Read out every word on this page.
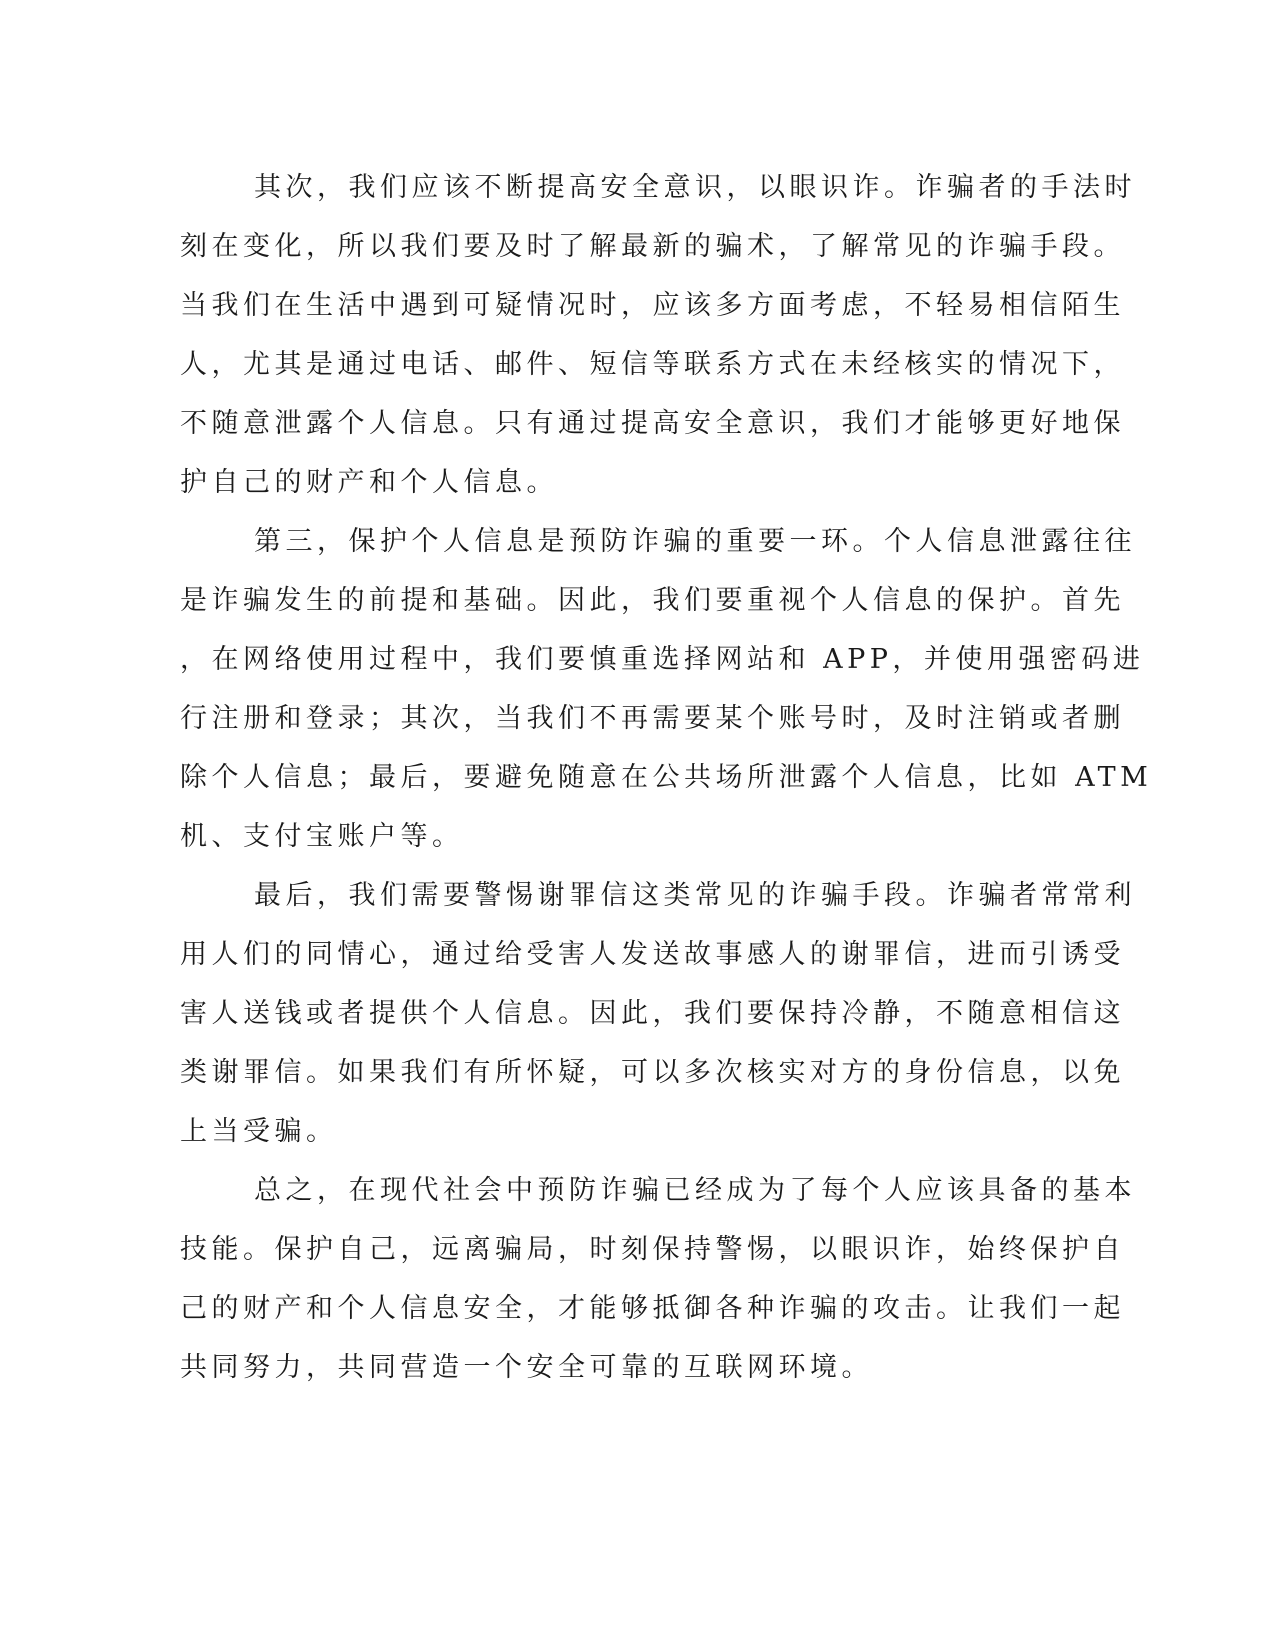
其次，我们应该不断提高安全意识，以眼识诈。诈骗者的手法时

刻在变化，所以我们要及时了解最新的骗术，了解常见的诈骗手段。

当我们在生活中遇到可疑情况时，应该多方面考虑，不轻易相信陌生

人，尤其是通过电话、邮件、短信等联系方式在未经核实的情况下，

不随意泄露个人信息。只有通过提高安全意识，我们才能够更好地保

护自己的财产和个人信息。

第三，保护个人信息是预防诈骗的重要一环。个人信息泄露往往

是诈骗发生的前提和基础。因此，我们要重视个人信息的保护。首先

，在网络使用过程中，我们要慎重选择网站和 APP，并使用强密码进

行注册和登录；其次，当我们不再需要某个账号时，及时注销或者删

除个人信息；最后，要避免随意在公共场所泄露个人信息，比如 ATM

机、支付宝账户等。

最后，我们需要警惕谢罪信这类常见的诈骗手段。诈骗者常常利

用人们的同情心，通过给受害人发送故事感人的谢罪信，进而引诱受

害人送钱或者提供个人信息。因此，我们要保持冷静，不随意相信这

类谢罪信。如果我们有所怀疑，可以多次核实对方的身份信息，以免

上当受骗。

总之，在现代社会中预防诈骗已经成为了每个人应该具备的基本

技能。保护自己，远离骗局，时刻保持警惕，以眼识诈，始终保护自

己的财产和个人信息安全，才能够抵御各种诈骗的攻击。让我们一起

共同努力，共同营造一个安全可靠的互联网环境。
